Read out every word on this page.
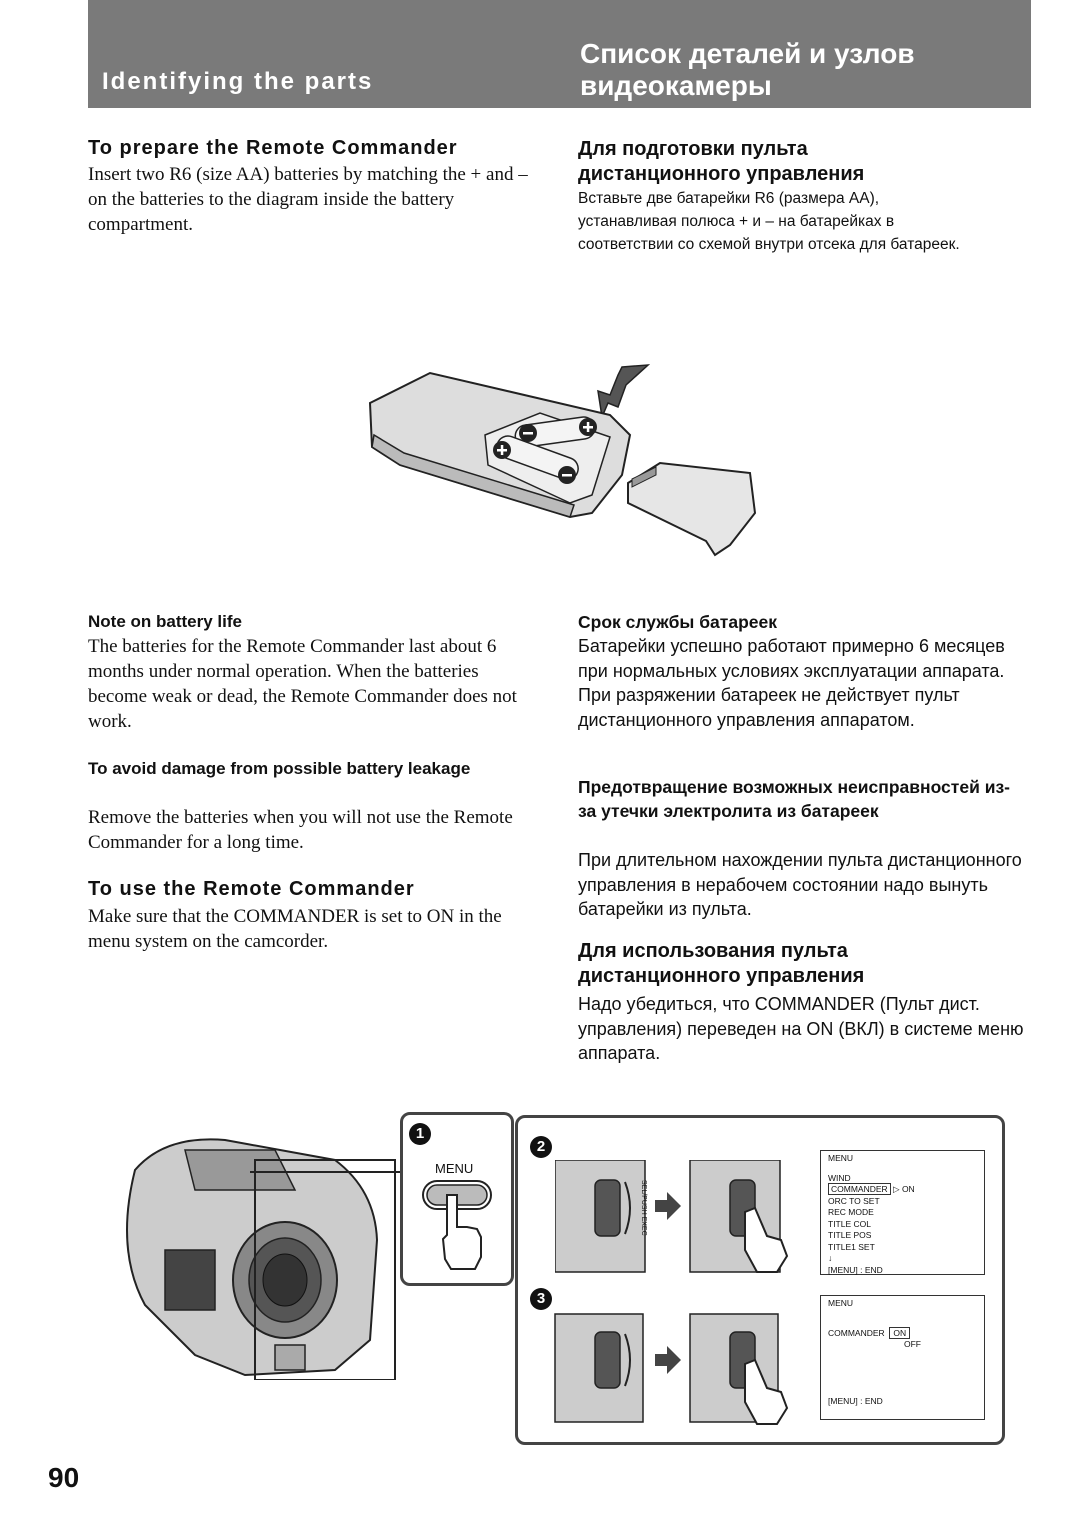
Identifying the parts
Список деталей и узлов
видеокамеры
To prepare the Remote Commander
Insert two R6 (size AA) batteries by matching the + and – on the batteries to the diagram inside the battery compartment.
Для подготовки пульта
дистанционного управления
Вставьте две батарейки R6 (размера AA), устанавливая полюса + и – на батарейках в соответствии со схемой внутри отсека для батареек.
Note on battery life
The batteries for the Remote Commander last about 6 months under normal operation. When the batteries become weak or dead, the Remote Commander does not work.
Срок службы батареек
Батарейки успешно работают примерно 6 месяцев при нормальных условиях эксплуатации аппарата. При разряжении батареек не действует пульт дистанционного управления аппаратом.
To avoid damage from possible battery leakage
Remove the batteries when you will not use the Remote Commander for a long time.
Предотвращение возможных неисправностей из-за утечки электролита из батареек
При длительном нахождении пульта дистанционного управления в нерабочем состоянии надо вынуть батарейки из пульта.
To use the Remote Commander
Make sure that the COMMANDER is set to ON in the menu system on the camcorder.	Для использования пульта
дистанционного управления
Надо убедиться, что COMMANDER (Пульт дист. управления) переведен на ON (ВКЛ) в системе меню аппарата.
1
MENU
2
3
SEL/PUSH EXEC
MENU
WIND
COMMANDER ▷ ON
ORC TO SET
REC MODE
TITLE COL
TITLE POS
TITLE1 SET
↓
[MENU] : END
MENU
COMMANDER ON
OFF
[MENU] : END
90
